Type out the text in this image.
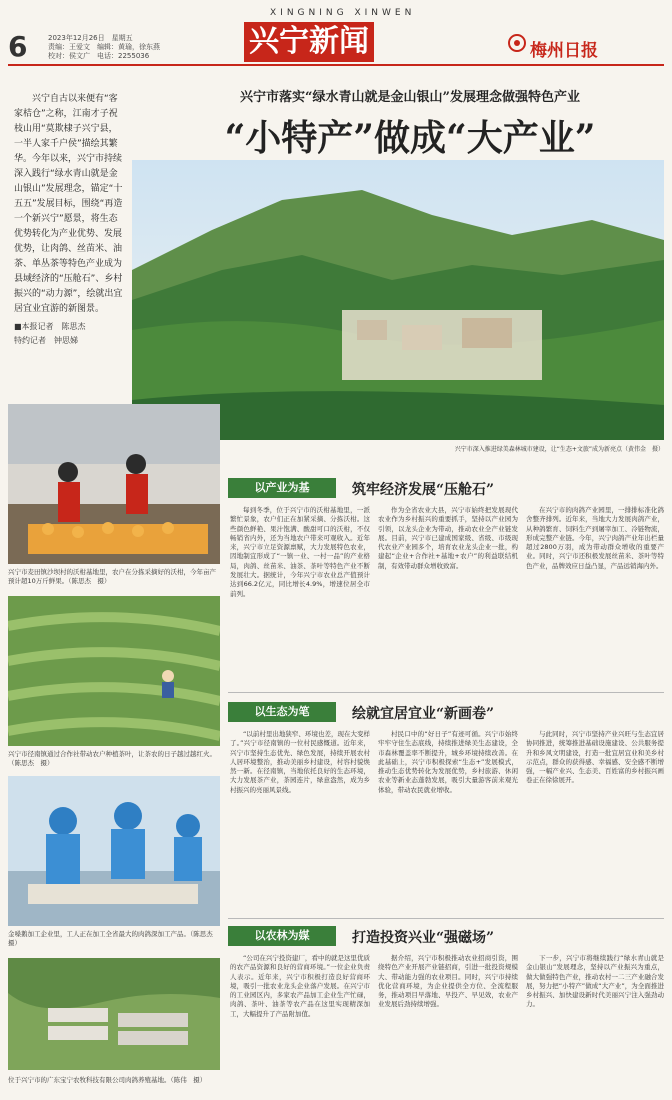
6	2023年12月26日　星期五
责编：王爱文　编辑：黄瑜，徐东燕
校对：侯文广　电话：2255036
XINGNING XINWEN
兴宁新闻	梅州日报
兴宁市落实“绿水青山就是金山银山”发展理念做强特色产业
“小特产”做成“大产业”
兴宁自古以来便有“客家桔仓”之称，江南才子祝枝山用“莫欺棣子兴宁县，一半人家千户侯”描绘其繁华。今年以来，兴宁市持续深入践行“绿水青山就是金山银山”发展理念，锚定“十五五”发展目标，围绕“再造一个新兴宁”愿景，将生态优势转化为产业优势、发展优势，让肉鸽、丝苗米、油茶、单丛茶等特色产业成为县域经济的“压舱石”、乡村振兴的“动力源”，绘就出宜居宜业宜游的新图景。
■本报记者　陈思杰
特约记者　钟思娣
兴宁市深入推进绿美森林城市建设，让“生态+文旅”成为新亮点（黄伟金　摄）
兴宁市麦田镇沙坝村的沃柑基地里，农户在分拣采摘好的沃柑，今年亩产预计超10万斤鲜果。（陈思杰　摄）
兴宁市径南镇通过合作社带动农户种植茶叶，让茶农的日子越过越红火。（陈思杰　摄）
金嗓鹅加工企业里，工人正在加工全省最大的肉鸽深加工产品。（陈思杰　摄）
位于兴宁市的广东宝宁农牧科技有限公司肉鸽养殖基地。（陈伟　摄）
以产业为基	筑牢经济发展“压舱石”

每到冬季，位于兴宁市的沃柑基地里，一派繁忙景象，农户们正在加紧采摘、分拣沃柑。这些颜色鲜艳、果汁饱满、酸甜可口的沃柑，不仅畅销省内外，还为当地农户带来可观收入。近年来，兴宁市立足资源禀赋，大力发展特色农业，因地制宜形成了“一镇一业、一村一品”的产业格局，肉鸽、丝苗米、油茶、茶叶等特色产业不断发展壮大。据统计，今年兴宁市农业总产值预计达到66.2亿元，同比增长4.9%，增速位居全市前列。

作为全省农业大县，兴宁市始终把发展现代农业作为乡村振兴的重要抓手，坚持以产业园为引领，以龙头企业为带动，推动农业全产业链发展。目前，兴宁市已建成国家级、省级、市级现代农业产业园多个，培育农业龙头企业一批，构建起“企业+合作社+基地+农户”的利益联结机制，有效带动群众增收致富。

在兴宁市的肉鸽产业园里，一排排标准化鸽舍整齐排列。近年来，当地大力发展肉鸽产业，从种鸽繁育、饲料生产到屠宰加工、冷链物流，形成完整产业链。今年，兴宁肉鸽产业年出栏量超过2800万羽，成为带动群众增收的重要产业。同时，兴宁市还积极发展丝苗米、茶叶等特色产业，品牌效应日益凸显，产品远销海内外。

以生态为笔	绘就宜居宜业“新画卷”

“以前村里出地狭窄、环境也差，现在大变样了。”兴宁市径南镇的一位村民感慨道。近年来，兴宁市坚持生态优先、绿色发展，持续开展农村人居环境整治，推动美丽乡村建设，村容村貌焕然一新。在径南镇，当地依托良好的生态环境，大力发展茶产业，茶园连片，绿意盎然，成为乡村振兴的亮丽风景线。

村民口中的“好日子”有迹可循。兴宁市始终牢牢守住生态底线，持续推进绿美生态建设，全市森林覆盖率不断提升，城乡环境持续改善。在此基础上，兴宁市积极探索“生态+”发展模式，推动生态优势转化为发展优势，乡村旅游、休闲农业等新业态蓬勃发展，吸引大量游客前来观光体验，带动农民就业增收。

与此同时，兴宁市坚持产业兴旺与生态宜居协同推进，统筹推进基础设施建设、公共服务提升和乡风文明建设，打造一批宜居宜业和美乡村示范点，群众的获得感、幸福感、安全感不断增强，一幅产业兴、生态美、百姓富的乡村振兴画卷正在徐徐展开。

以农林为媒	打造投资兴业“强磁场”

“公司在兴宁投资建厂，看中的就是这里优质的农产品资源和良好的营商环境。”一位企业负责人表示。近年来，兴宁市积极打造良好营商环境，吸引一批农业龙头企业落户发展。在兴宁市的工业园区内，多家农产品加工企业生产忙碌，肉鸽、茶叶、油茶等农产品在这里实现精深加工，大幅提升了产品附加值。

据介绍，兴宁市积极推动农业招商引资，围绕特色产业开展产业链招商，引进一批投资规模大、带动能力强的农业项目。同时，兴宁市持续优化营商环境，为企业提供全方位、全流程服务，推动项目早落地、早投产、早见效，农业产业发展后劲持续增强。

下一步，兴宁市将继续践行“绿水青山就是金山银山”发展理念，坚持以产业振兴为重点，做大做强特色产业，推动农村一二三产业融合发展，努力把“小特产”做成“大产业”，为全面推进乡村振兴、加快建设新时代美丽兴宁注入强劲动力。
